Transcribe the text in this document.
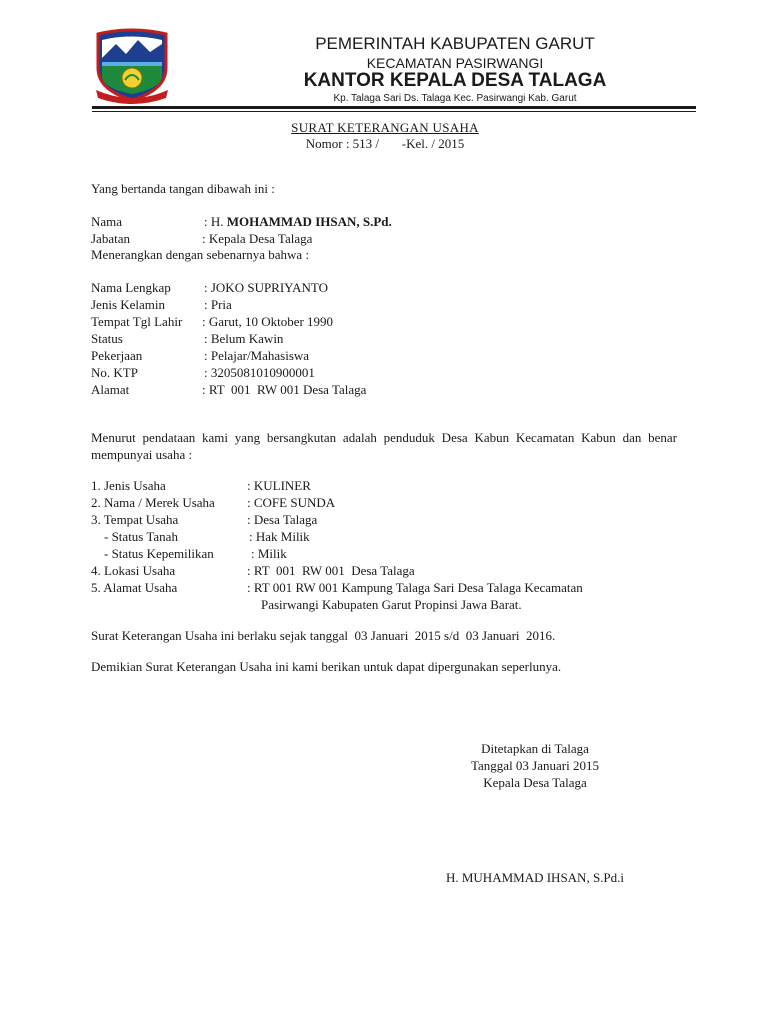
PEMERINTAH KABUPATEN GARUT
KECAMATAN PASIRWANGI
KANTOR KEPALA DESA TALAGA
Kp. Talaga Sari Ds. Talaga Kec. Pasirwangi Kab. Garut
SURAT KETERANGAN USAHA
Nomor : 513 /       -Kel. / 2015
Yang bertanda tangan dibawah ini :
Nama	: H. MOHAMMAD IHSAN, S.Pd.
Jabatan	: Kepala Desa Talaga
Menerangkan dengan sebenarnya bahwa :
Nama Lengkap	: JOKO SUPRIYANTO
Jenis Kelamin	: Pria
Tempat Tgl Lahir : Garut, 10 Oktober 1990
Status	: Belum Kawin
Pekerjaan	: Pelajar/Mahasiswa
No. KTP	: 3205081010900001
Alamat	: RT  001  RW 001 Desa Talaga
Menurut pendataan kami yang bersangkutan adalah penduduk Desa Kabun Kecamatan Kabun dan benar mempunyai usaha :
1. Jenis Usaha	: KULINER
2. Nama / Merek Usaha : COFE SUNDA
3. Tempat Usaha	: Desa Talaga
- Status Tanah	: Hak Milik
- Status Kepemilikan	: Milik
4. Lokasi Usaha	: RT  001  RW 001  Desa Talaga
5. Alamat Usaha	: RT 001 RW 001 Kampung Talaga Sari Desa Talaga Kecamatan
Pasirwangi Kabupaten Garut Propinsi Jawa Barat.
Surat Keterangan Usaha ini berlaku sejak tanggal  03 Januari  2015 s/d  03 Januari  2016.
Demikian Surat Keterangan Usaha ini kami berikan untuk dapat dipergunakan seperlunya.
Ditetapkan di Talaga
Tanggal 03 Januari 2015
Kepala Desa Talaga
H. MUHAMMAD IHSAN, S.Pd.i
